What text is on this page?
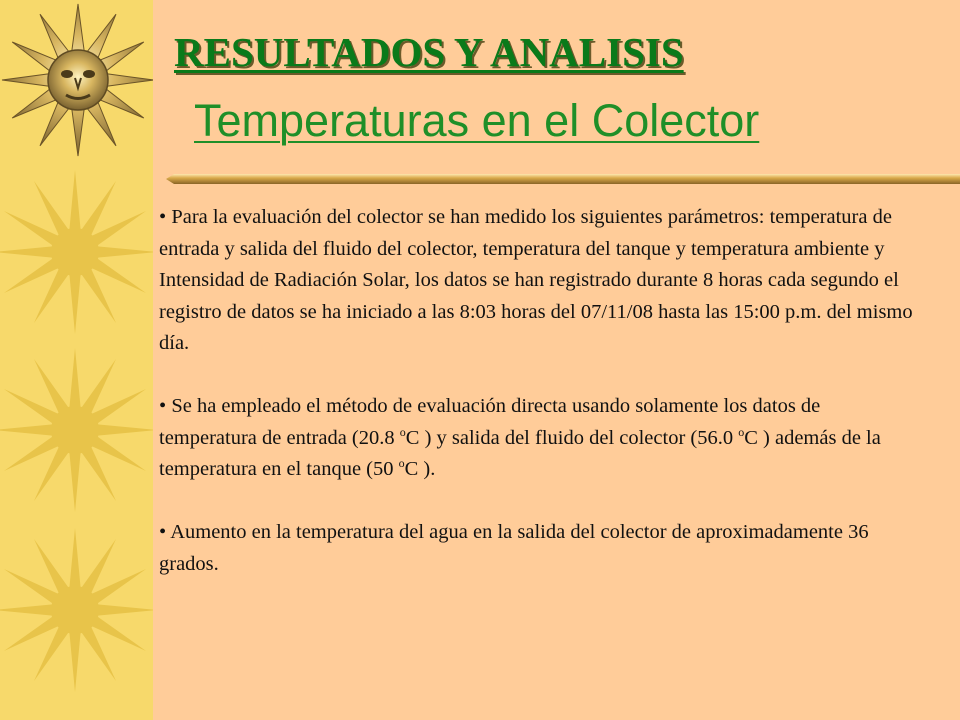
RESULTADOS Y ANALISIS
Temperaturas en el Colector

• Para la evaluación del colector se han medido los siguientes parámetros: temperatura de entrada y salida del fluido del colector, temperatura del tanque y temperatura ambiente y Intensidad de Radiación Solar, los datos se han registrado durante 8 horas cada segundo el registro de datos se ha iniciado a las 8:03 horas del 07/11/08 hasta las 15:00 p.m. del mismo día.

• Se ha empleado el método de evaluación directa usando solamente los datos de temperatura de entrada (20.8 $^o$C ) y salida del fluido del colector (56.0 $^o$C ) además de la temperatura en el tanque (50 $^o$C ).

• Aumento en la temperatura del agua en la salida del colector de aproximadamente 36 grados.
